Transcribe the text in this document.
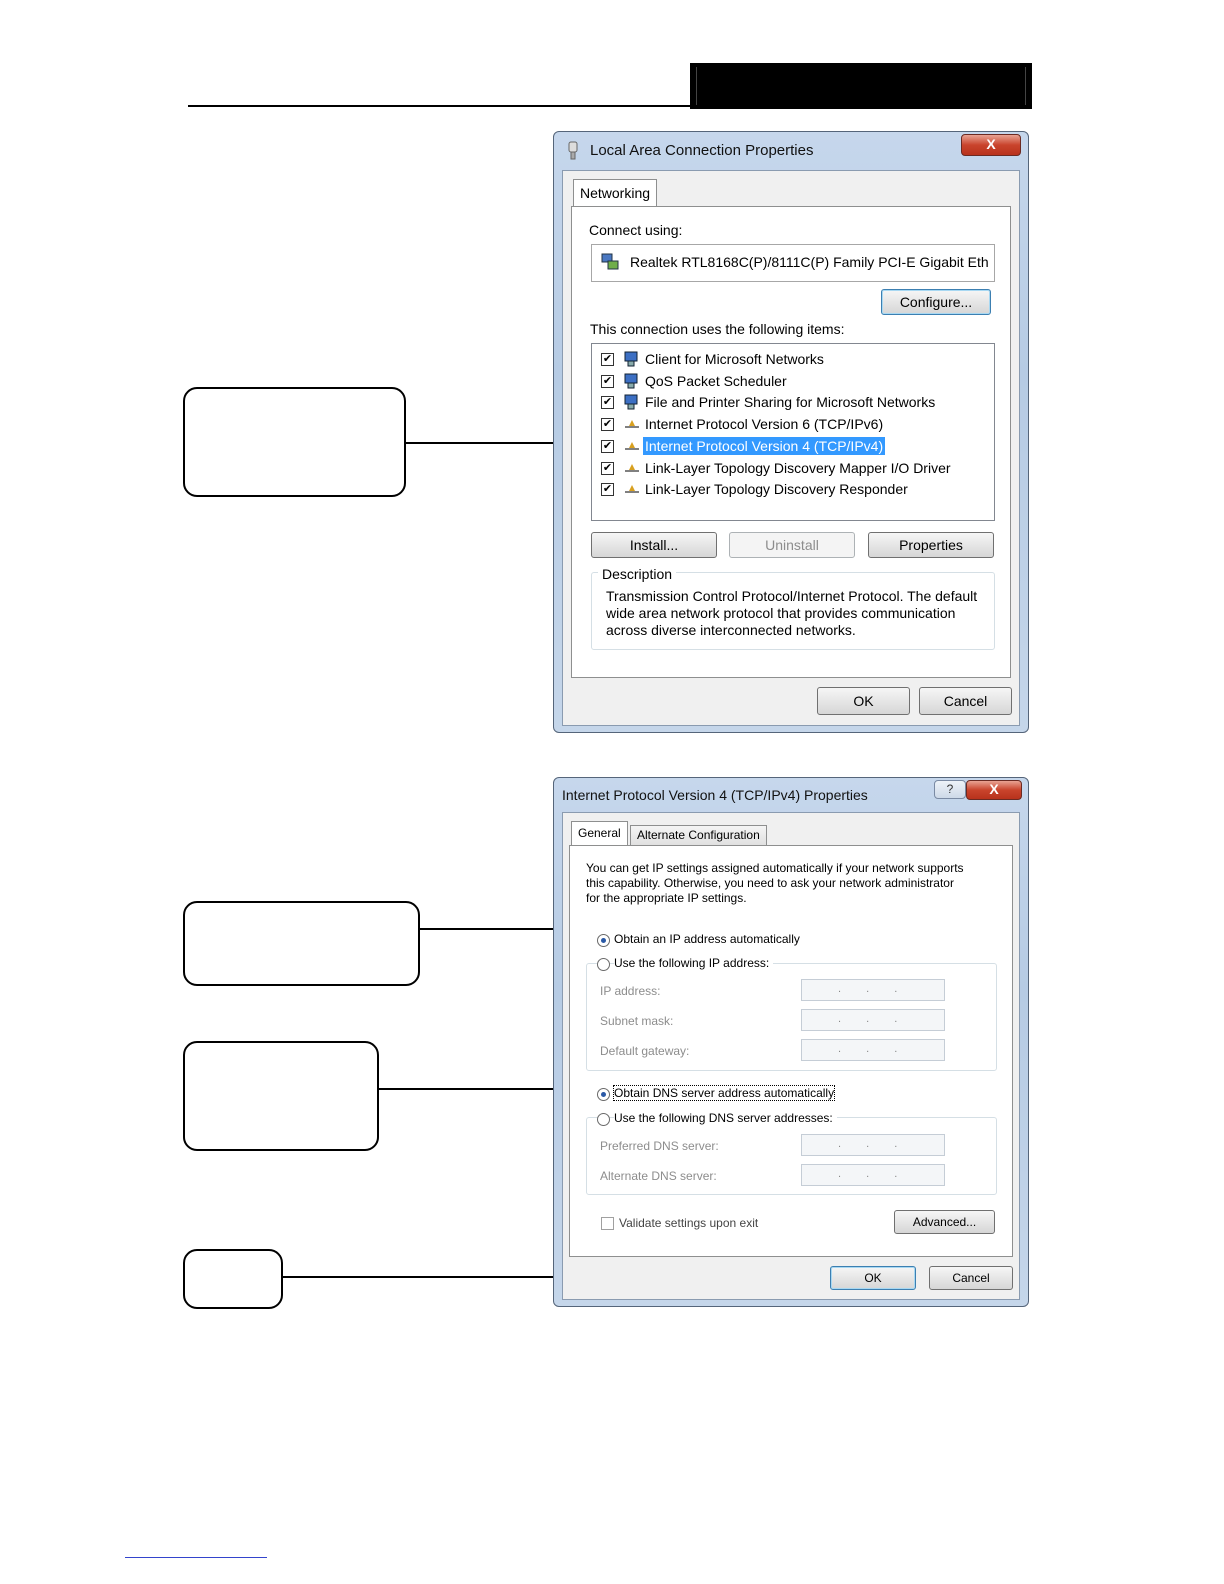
Local Area Connection Properties	X
Networking
Connect using:
Realtek RTL8168C(P)/8111C(P) Family PCI-E Gigabit Eth
Configure...
This connection uses the following items:
✔ Client for Microsoft Networks
✔ QoS Packet Scheduler
✔ File and Printer Sharing for Microsoft Networks
✔ Internet Protocol Version 6 (TCP/IPv6)
✔ Internet Protocol Version 4 (TCP/IPv4)
✔ Link-Layer Topology Discovery Mapper I/O Driver
✔ Link-Layer Topology Discovery Responder
Install...	Uninstall	Properties
Description
Transmission Control Protocol/Internet Protocol. The default
wide area network protocol that provides communication
across diverse interconnected networks.
OK	Cancel
Internet Protocol Version 4 (TCP/IPv4) Properties	?	X
General	Alternate Configuration
You can get IP settings assigned automatically if your network supports
this capability. Otherwise, you need to ask your network administrator
for the appropriate IP settings.
Obtain an IP address automatically
Use the following IP address:
IP address:	. . .
Subnet mask:	. . .
Default gateway:	. . .
Obtain DNS server address automatically
Use the following DNS server addresses:
Preferred DNS server:	. . .
Alternate DNS server:	. . .
Validate settings upon exit	Advanced...
OK	Cancel
